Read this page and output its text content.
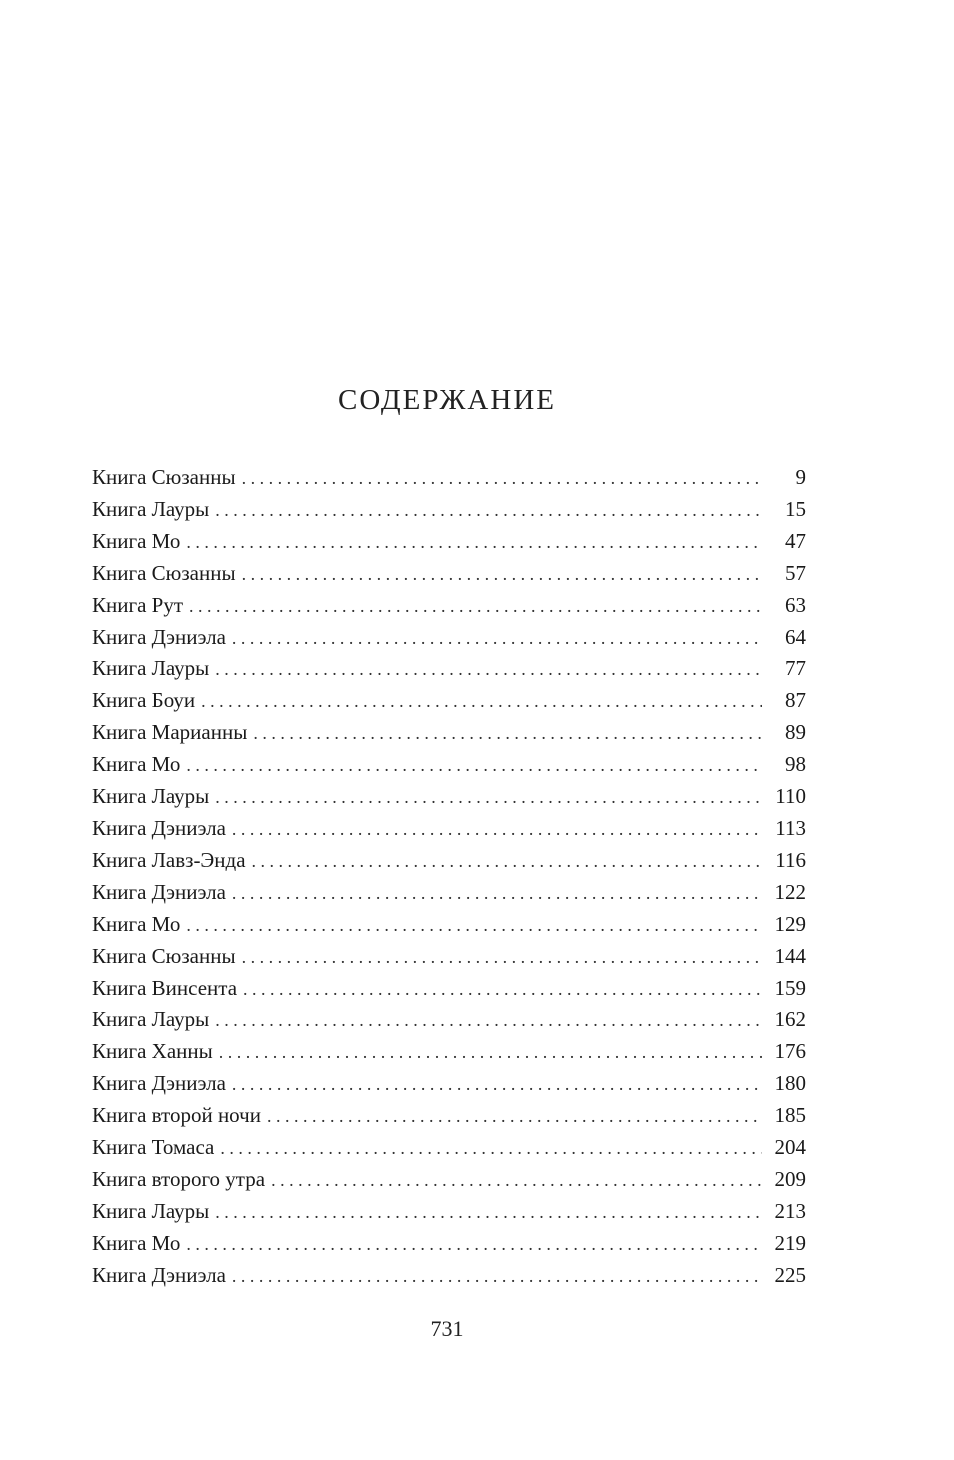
СОДЕРЖАНИЕ
Книга Сюзанны . . .	9
Книга Лауры . . .	15
Книга Мо . . .	47
Книга Сюзанны . . .	57
Книга Рут . . .	63
Книга Дэниэла . . .	64
Книга Лауры . . .	77
Книга Боуи . . .	87
Книга Марианны . . .	89
Книга Мо . . .	98
Книга Лауры . . .	110
Книга Дэниэла . . .	113
Книга Лавз-Энда . . .	116
Книга Дэниэла . . .	122
Книга Мо . . .	129
Книга Сюзанны . . .	144
Книга Винсента . . .	159
Книга Лауры . . .	162
Книга Ханны . . .	176
Книга Дэниэла . . .	180
Книга второй ночи . . .	185
Книга Томаса . . .	204
Книга второго утра . . .	209
Книга Лауры . . .	213
Книга Мо . . .	219
Книга Дэниэла . . .	225
731
